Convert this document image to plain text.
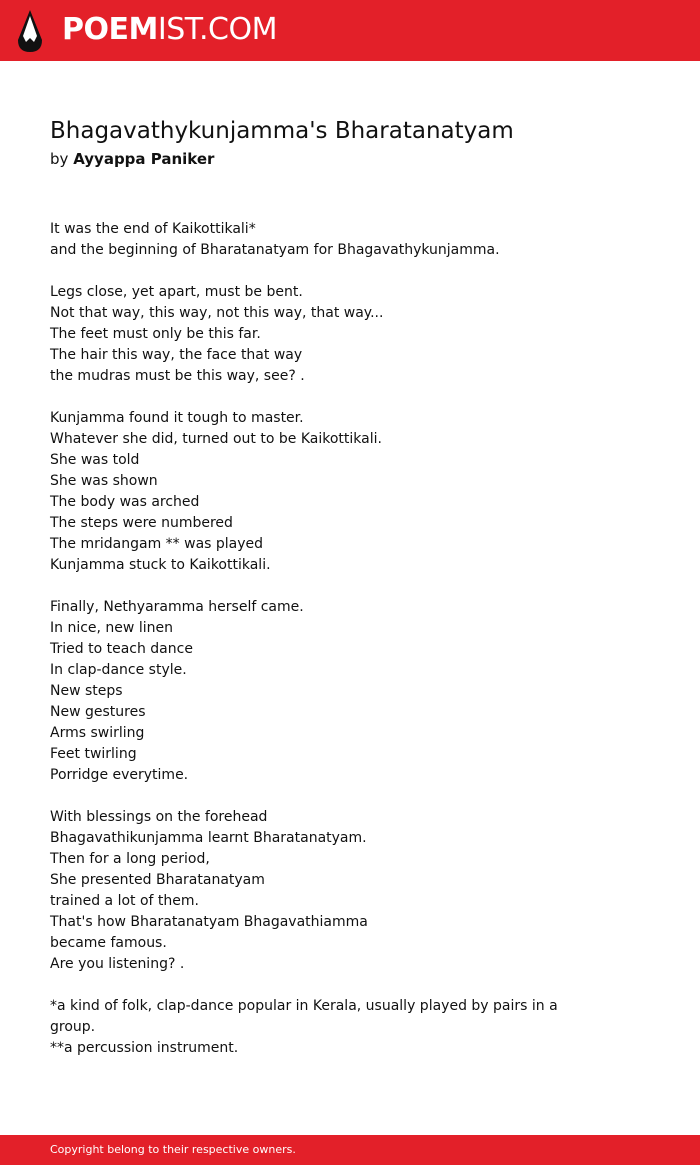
POEMIST.COM
Bhagavathykunjamma's Bharatanatyam
by Ayyappa Paniker
It was the end of Kaikottikali*
and the beginning of Bharatanatyam for Bhagavathykunjamma.
Legs close, yet apart, must be bent.
Not that way, this way, not this way, that way...
The feet must only be this far.
The hair this way, the face that way
the mudras must be this way, see? .
Kunjamma found it tough to master.
Whatever she did, turned out to be Kaikottikali.
She was told
She was shown
The body was arched
The steps were numbered
The mridangam ** was played
Kunjamma stuck to Kaikottikali.
Finally, Nethyaramma herself came.
In nice, new linen
Tried to teach dance
In clap-dance style.
New steps
New gestures
Arms swirling
Feet twirling
Porridge everytime.
With blessings on the forehead
Bhagavathikunjamma learnt Bharatanatyam.
Then for a long period,
She presented Bharatanatyam
trained a lot of them.
That's how Bharatanatyam Bhagavathiamma
became famous.
Are you listening? .
*a kind of folk, clap-dance popular in Kerala, usually played by pairs in a group.
**a percussion instrument.
Copyright belong to their respective owners.
